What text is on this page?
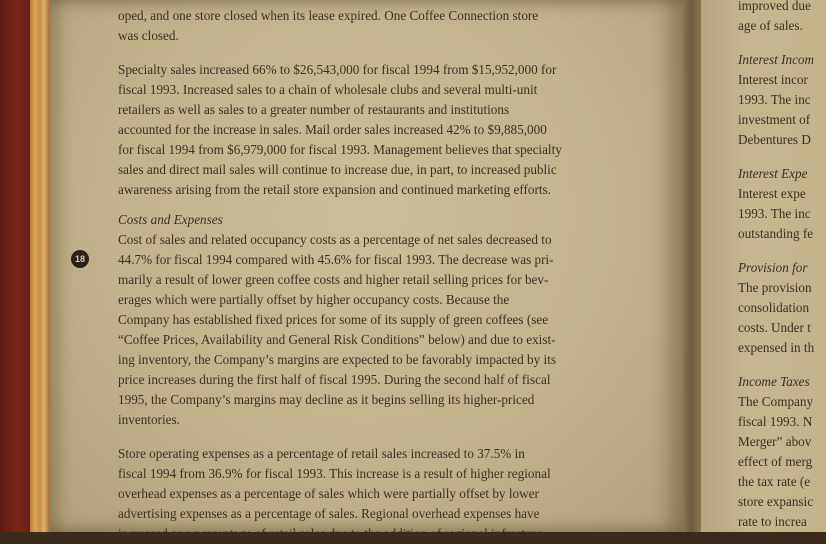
18

oped, and one store closed when its lease expired. One Coffee Connection store
was closed.

Specialty sales increased 66% to $26,543,000 for fiscal 1994 from $15,952,000 for
fiscal 1993. Increased sales to a chain of wholesale clubs and several multi-unit
retailers as well as sales to a greater number of restaurants and institutions
accounted for the increase in sales. Mail order sales increased 42% to $9,885,000
for fiscal 1994 from $6,979,000 for fiscal 1993. Management believes that specialty
sales and direct mail sales will continue to increase due, in part, to increased public
awareness arising from the retail store expansion and continued marketing efforts.

Costs and Expenses
Cost of sales and related occupancy costs as a percentage of net sales decreased to
44.7% for fiscal 1994 compared with 45.6% for fiscal 1993. The decrease was pri-
marily a result of lower green coffee costs and higher retail selling prices for bev-
erages which were partially offset by higher occupancy costs. Because the
Company has established fixed prices for some of its supply of green coffees (see
“Coffee Prices, Availability and General Risk Conditions” below) and due to exist-
ing inventory, the Company’s margins are expected to be favorably impacted by its
price increases during the first half of fiscal 1995. During the second half of fiscal
1995, the Company’s margins may decline as it begins selling its higher-priced
inventories.

Store operating expenses as a percentage of retail sales increased to 37.5% in
fiscal 1994 from 36.9% for fiscal 1993. This increase is a result of higher regional
overhead expenses as a percentage of sales which were partially offset by lower
advertising expenses as a percentage of sales. Regional overhead expenses have
increased as a percentage of retail sales due to the addition of regional infrastruc-

improved due
age of sales.
Interest Incom
Interest incor
1993. The inc
investment of
Debentures D
Interest Expe
Interest expe
1993. The inc
outstanding fe
Provision for
The provision
consolidation
costs. Under t
expensed in th
Income Taxes
The Company
fiscal 1993. N
Merger” abov
effect of merg
the tax rate (e
store expansic
rate to increa
